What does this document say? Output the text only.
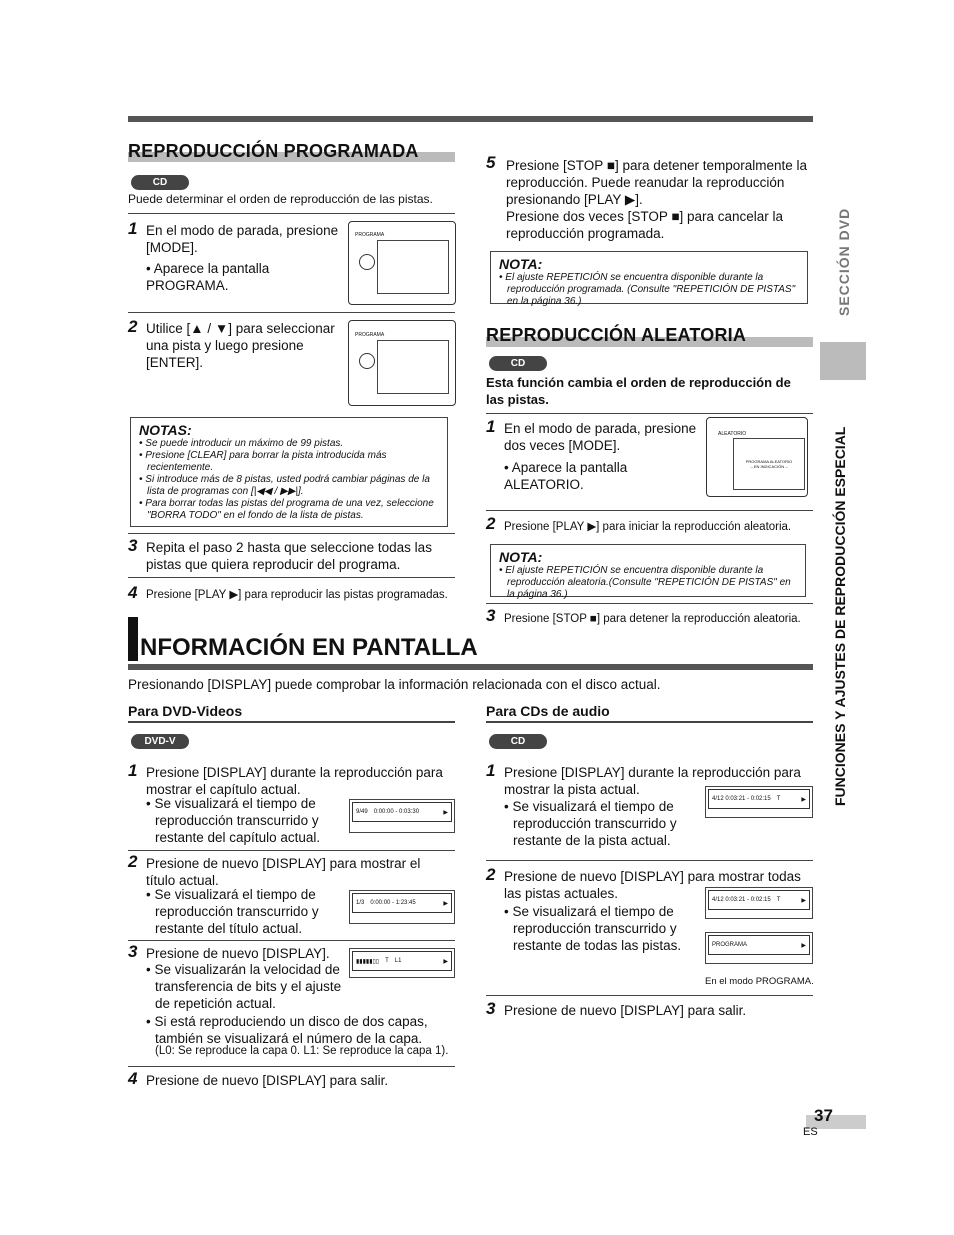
REPRODUCCIÓN PROGRAMADA
CD
Puede determinar el orden de reproducción de las pistas.
1 En el modo de parada, presione [MODE].
• Aparece la pantalla PROGRAMA.
PROGRAMA
2 Utilice [▲ / ▼] para seleccionar una pista y luego presione [ENTER].
PROGRAMA
NOTAS:
• Se puede introducir un máximo de 99 pistas.
• Presione [CLEAR] para borrar la pista introducida más recientemente.
• Si introduce más de 8 pistas, usted podrá cambiar páginas de la lista de programas con [|◀◀ / ▶▶|].
• Para borrar todas las pistas del programa de una vez, seleccione "BORRA TODO" en el fondo de la lista de pistas.
3 Repita el paso 2 hasta que seleccione todas las pistas que quiera reproducir del programa.
4 Presione [PLAY ▶] para reproducir las pistas programadas.
5 Presione [STOP ■] para detener temporalmente la reproducción. Puede reanudar la reproducción presionando [PLAY ▶].
Presione dos veces [STOP ■] para cancelar la reproducción programada.
NOTA:
• El ajuste REPETICIÓN se encuentra disponible durante la reproducción programada. (Consulte "REPETICIÓN DE PISTAS" en la página 36.)
REPRODUCCIÓN ALEATORIA
CD
Esta función cambia el orden de reproducción de las pistas.
1 En el modo de parada, presione dos veces [MODE].
• Aparece la pantalla ALEATORIO.
ALEATORIO
PROGRAMA ALEATORIO
-- EN INDICACIÓN --
2 Presione [PLAY ▶] para iniciar la reproducción aleatoria.
NOTA:
• El ajuste REPETICIÓN se encuentra disponible durante la reproducción aleatoria.(Consulte "REPETICIÓN DE PISTAS" en la página 36.)
3 Presione [STOP ■] para detener la reproducción aleatoria.
NFORMACIÓN EN PANTALLA
Presionando [DISPLAY] puede comprobar la información relacionada con el disco actual.
Para DVD-Videos
DVD-V
1 Presione [DISPLAY] durante la reproducción para mostrar el capítulo actual.
• Se visualizará el tiempo de reproducción transcurrido y restante del capítulo actual.
9/49 0:00:00 - 0:03:30	▶
2 Presione de nuevo [DISPLAY] para mostrar el título actual.
• Se visualizará el tiempo de reproducción transcurrido y restante del título actual.
1/3 0:00:00 - 1:23:45	▶
3 Presione de nuevo [DISPLAY].
• Se visualizarán la velocidad de transferencia de bits y el ajuste de repetición actual.
▮▮▮▮▮▯▯ T L1	▶
• Si está reproduciendo un disco de dos capas, también se visualizará el número de la capa.
(L0: Se reproduce la capa 0. L1: Se reproduce la capa 1).
4 Presione de nuevo [DISPLAY] para salir.
Para CDs de audio
CD
1 Presione [DISPLAY] durante la reproducción para mostrar la pista actual.
• Se visualizará el tiempo de reproducción transcurrido y restante de la pista actual.
4/12 0:03:21 - 0:02:15 T	▶
2 Presione de nuevo [DISPLAY] para mostrar todas las pistas actuales.
• Se visualizará el tiempo de reproducción transcurrido y restante de todas las pistas.
4/12 0:03:21 - 0:02:15 T	▶
PROGRAMA	▶
En el modo PROGRAMA.
3 Presione de nuevo [DISPLAY] para salir.
SECCIÓN DVD
FUNCIONES Y AJUSTES DE REPRODUCCIÓN ESPECIAL
37
ES
